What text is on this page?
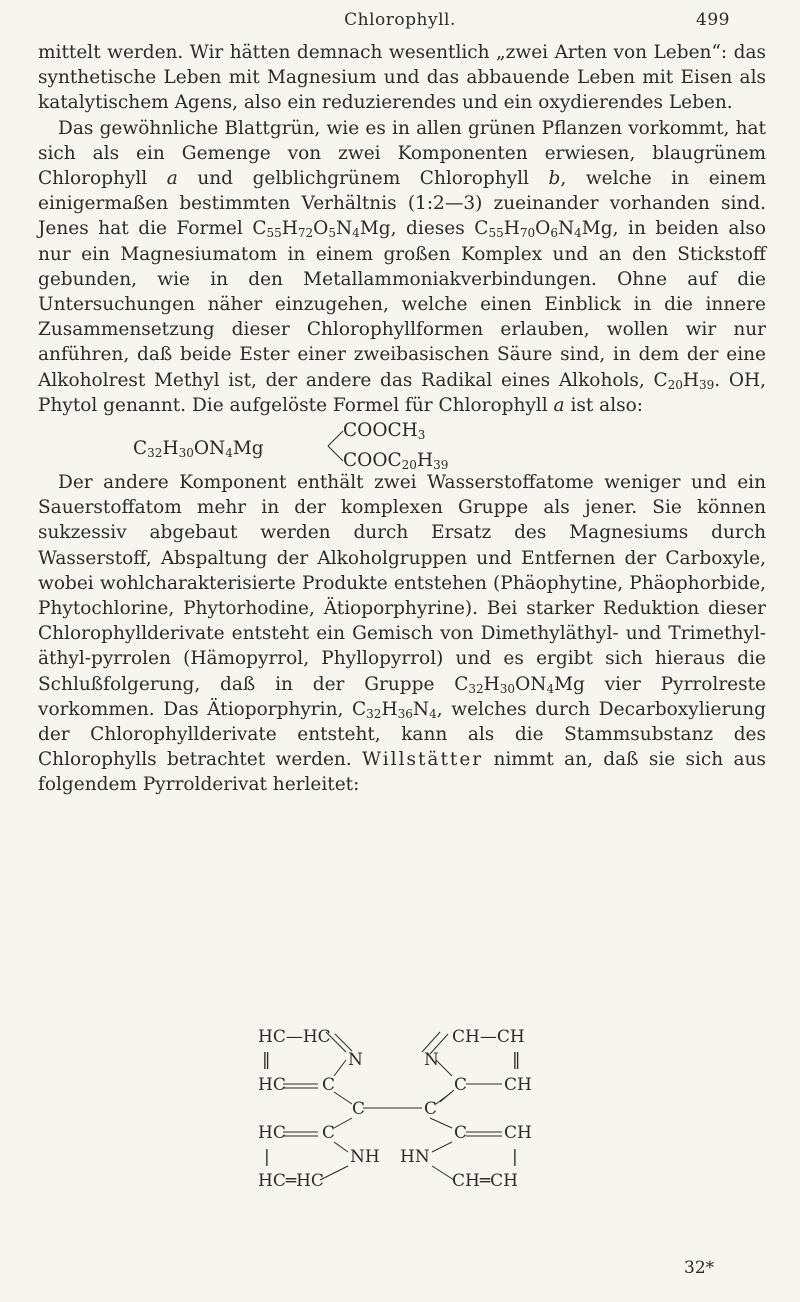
Chlorophyll.	499

mittelt werden. Wir hätten demnach wesentlich „zwei Arten von Leben“: das synthetische Leben mit Magnesium und das abbauende Leben mit Eisen als katalytischem Agens, also ein reduzierendes und ein oxydierendes Leben.

Das gewöhnliche Blattgrün, wie es in allen grünen Pflanzen vorkommt, hat sich als ein Gemenge von zwei Komponenten erwiesen, blaugrünem Chlorophyll a und gelblichgrünem Chlorophyll b, welche in einem einigermaßen bestimmten Verhältnis (1:2—3) zueinander vorhanden sind. Jenes hat die Formel $C_{55}H_{72}O_5N_4Mg$, dieses $C_{55}H_{70}O_6N_4Mg$, in beiden also nur ein Magnesiumatom in einem großen Komplex und an den Stickstoff gebunden, wie in den Metallammoniakverbindungen. Ohne auf die Untersuchungen näher einzugehen, welche einen Einblick in die innere Zusammensetzung dieser Chlorophyllformen erlauben, wollen wir nur anführen, daß beide Ester einer zweibasischen Säure sind, in dem der eine Alkoholrest Methyl ist, der andere das Radikal eines Alkohols, $C_{20}H_{39}$. OH, Phytol genannt. Die aufgelöste Formel für Chlorophyll a ist also:

$C_{32}H_{30}ON_4Mg$
$COOCH_3$
$COOC_{20}H_{39}$

Der andere Komponent enthält zwei Wasserstoffatome weniger und ein Sauerstoffatom mehr in der komplexen Gruppe als jener. Sie können sukzessiv abgebaut werden durch Ersatz des Magnesiums durch Wasserstoff, Abspaltung der Alkoholgruppen und Entfernen der Carboxyle, wobei wohlcharakterisierte Produkte entstehen (Phäophytine, Phäophorbide, Phytochlorine, Phytorhodine, Ätioporphyrine). Bei starker Reduktion dieser Chlorophyllderivate entsteht ein Gemisch von Dimethyläthyl- und Trimethyl-äthyl-pyrrolen (Hämopyrrol, Phyllopyrrol) und es ergibt sich hieraus die Schlußfolgerung, daß in der Gruppe $C_{32}H_{30}ON_4Mg$ vier Pyrrolreste vorkommen. Das Ätioporphyrin, $C_{32}H_{36}N_4$, welches durch Decarboxylierung der Chlorophyllderivate entsteht, kann als die Stammsubstanz des Chlorophylls betrachtet werden. Willstätter nimmt an, daß sie sich aus folgendem Pyrrolderivat herleitet:

HC—HC	CH—CH
‖	N	N	‖
HC C	C CH
C	C
HC C	C CH
|	NH HN	|
HC═HC	CH═CH
32*
